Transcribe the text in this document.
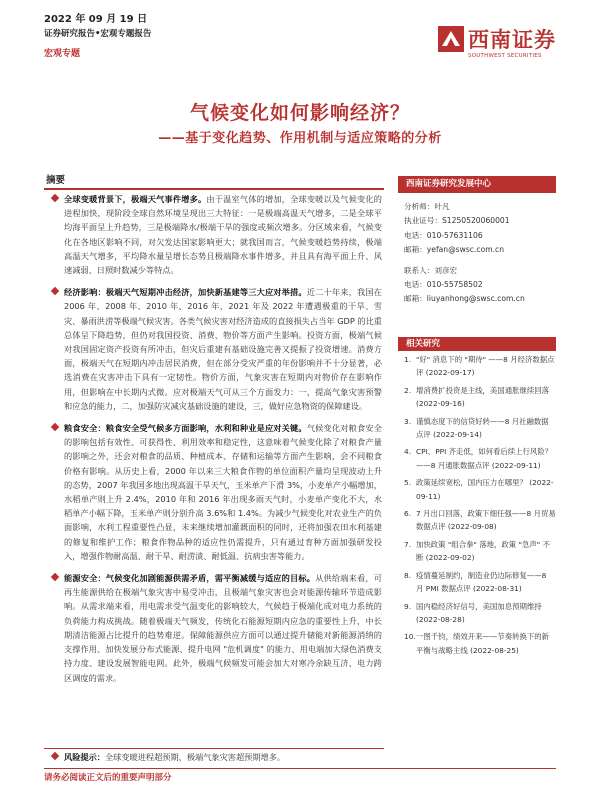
2022 年 09 月 19 日
证券研究报告•宏观专题报告
宏观专题
西南证券
SOUTHWEST SECURITIES
气候变化如何影响经济？
——基于变化趋势、作用机制与适应策略的分析
摘要
全球变暖背景下，极端天气事件增多。由于温室气体的增加，全球变暖以及气候变化的进程加快，现阶段全球自然环境呈现出三大特征：一是极端高温天气增多，二是全球平均海平面呈上升趋势，三是极端降水/极端干旱的强度或频次增多。分区域来看，气候变化在各地区影响不同，对欠发达国家影响更大；就我国而言，气候变暖趋势持续，极端高温天气增多，平均降水量呈增长态势且极端降水事件增多，并且具有海平面上升、风速减弱、日照时数减少等特点。
经济影响：极端天气短期冲击经济，加快新基建等三大应对举措。近二十年来，我国在 2006 年、2008 年、2010 年、2016 年、2021 年及 2022 年遭遇极重的干旱、雪灾、暴雨洪涝等极端气候灾害。各类气候灾害对经济造成的直接损失占当年 GDP 的比重总体呈下降趋势，但仍对我国投资、消费、物价等方面产生影响。投资方面，极端气候对我国固定资产投资有所冲击，但灾后重建有基础设施完善又提振了投资增速。消费方面，极端天气在短期内冲击居民消费，但在部分受灾严重的年份影响并不十分显著，必选消费在灾害冲击下具有一定韧性。物价方面，气象灾害在短期内对物价存在影响作用，但影响在中长期内式微。应对极端天气可从三个方面发力：一，提高气象灾害预警和应急的能力，二，加强防灾减灾基础设施的建设，三，做好应急物资的保障建设。
粮食安全：粮食安全受气候多方面影响，水利和种业是应对关键。气候变化对粮食安全的影响包括有效性、可获得性、利用效率和稳定性，这意味着气候变化除了对粮食产量的影响之外，还会对粮食的品质、种植成本、存储和运输等方面产生影响，会不同粮食价格有影响。从历史上看，2000 年以来三大粮食作物的单位面积产量均呈现波动上升的态势，2007 年我国多地出现高温干旱天气，玉米单产下滑 3%，小麦单产小幅增加，水稻单产则上升 2.4%，2010 年和 2016 年出现多雨天气时，小麦单产变化不大，水稻单产小幅下降，玉米单产则分别升高 3.6%和 1.4%。为减少气候变化对农业生产的负面影响，水利工程重要性凸显，未来继续增加灌溉面积的同时，还将加强农田水利基建的修复和维护工作；粮食作物品种的适应性仍需提升，只有通过育种方面加强研发投入，增强作物耐高温、耐干旱、耐涝渍、耐低温、抗病虫害等能力。
能源安全：气候变化加剧能源供需矛盾，需平衡减缓与适应的目标。从供给端来看，可再生能源供给在极端气象灾害中易受冲击，且极端气象灾害也会对能源传输环节造成影响。从需求端来看，用电需求受气温变化的影响较大，气候趋于极端化成对电力系统的负荷能力构成挑战。随着极端天气频发，传统化石能源短期内应急的重要性上升，中长期清洁能源占比提升的趋势难逆。保障能源供应方面可以通过提升储能对新能源消纳的支撑作用、加快发展分布式能源、提升电网 "危机调度" 的能力、用电端加大绿色消费支持力度、建设发展智能电网。此外，极端气候频发可能会加大对寒冷余缺互济、电力跨区调度的需求。
风险提示：全球变暖进程超预期，极端气象灾害超预期增多。
西南证券研究发展中心
分析师：叶凡
执业证号：S1250520060001
电话：010-57631106
邮箱：yefan@swsc.com.cn
联系人：刘彦宏
电话：010-55758502
邮箱：liuyanhong@swsc.com.cn
相关研究
1. "好" 消息下的 "期待" ——8 月经济数据点评 (2022-09-17)
2. 增消费扩投资是主线，美国通胀继续回落 (2022-09-16)
3. 谨慎态度下的信贷好转——8 月社融数据点评 (2022-09-14)
4. CPI、PPI 齐走低，如何看后续上行风险？——8 月通胀数据点评 (2022-09-11)
5. 政策延续宽松，国内压力在哪里？ (2022-09-11)
6. 7 月出口回落，政策下细任强——8 月贸易数据点评 (2022-09-08)
7. 加快政策 "组合拳" 落地，政策 "急声" 不断 (2022-09-02)
8. 疫情蔓延制约，制造业仍边际修复——8 月 PMI 数据点评 (2022-08-31)
9. 国内稳经济好信号，美国加息预期维持 (2022-08-28)
10. 一图千钧，绩效开来——节奏转换下的新平衡与战略主线 (2022-08-25)
请务必阅读正文后的重要声明部分
